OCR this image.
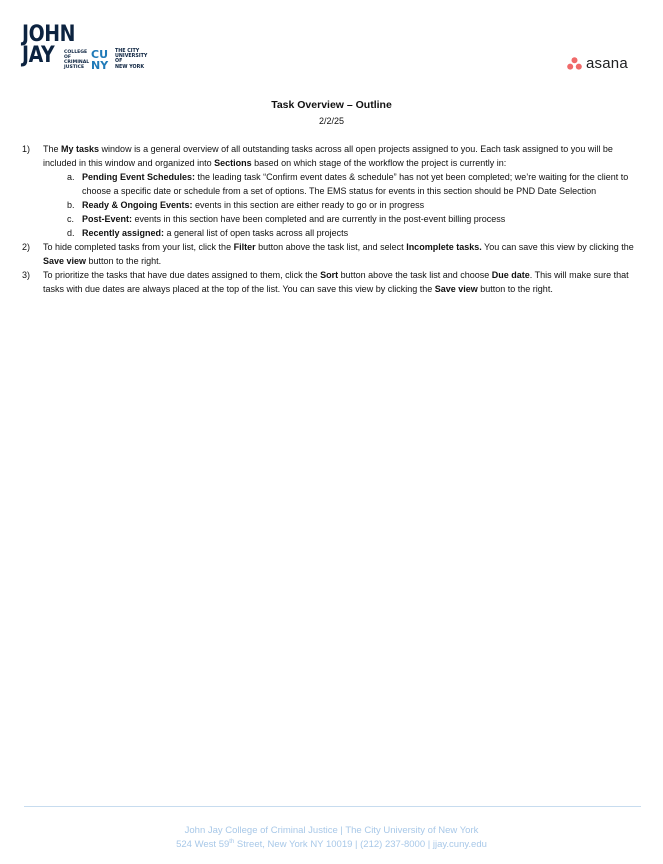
JOHN
JAY COLLEGE
OF
CRIMINAL
JUSTICE
CU
NY
THE CITY
UNIVERSITY
OF
NEW YORK	asana
Task Overview – Outline
2/2/25
1) The My tasks window is a general overview of all outstanding tasks across all open projects assigned to you. Each task assigned to you will be included in this window and organized into Sections based on which stage of the workflow the project is currently in:
a. Pending Event Schedules: the leading task “Confirm event dates & schedule” has not yet been completed; we’re waiting for the client to choose a specific date or schedule from a set of options. The EMS status for events in this section should be PND Date Selection
b. Ready & Ongoing Events: events in this section are either ready to go or in progress
c. Post-Event: events in this section have been completed and are currently in the post-event billing process
d. Recently assigned: a general list of open tasks across all projects
2) To hide completed tasks from your list, click the Filter button above the task list, and select Incomplete tasks. You can save this view by clicking the Save view button to the right.
3) To prioritize the tasks that have due dates assigned to them, click the Sort button above the task list and choose Due date. This will make sure that tasks with due dates are always placed at the top of the list. You can save this view by clicking the Save view button to the right.
John Jay College of Criminal Justice | The City University of New York
524 West 59th Street, New York NY 10019 | (212) 237-8000 | jjay.cuny.edu
